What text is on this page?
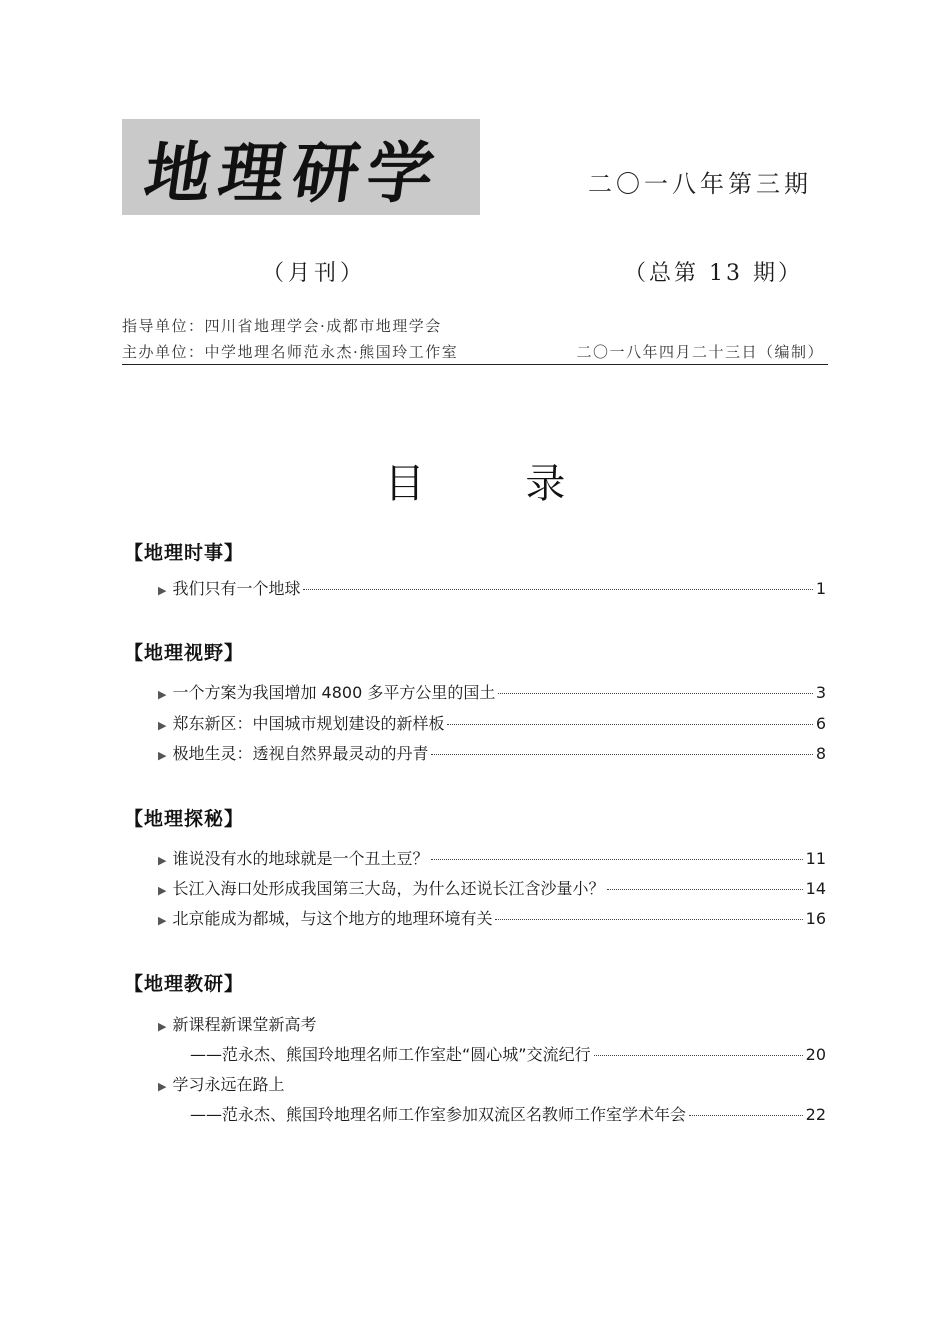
地理研学	二〇一八年第三期
（月刊）	（总第 13 期）
指导单位：四川省地理学会·成都市地理学会
主办单位：中学地理名师范永杰·熊国玲工作室	二〇一八年四月二十三日（编制）
目 录
【地理时事】
▶ 我们只有一个地球	1
【地理视野】
▶ 一个方案为我国增加 4800 多平方公里的国土	3
▶ 郑东新区：中国城市规划建设的新样板	6
▶ 极地生灵：透视自然界最灵动的丹青	8
【地理探秘】
▶ 谁说没有水的地球就是一个丑土豆？	11
▶ 长江入海口处形成我国第三大岛，为什么还说长江含沙量小？	14
▶ 北京能成为都城，与这个地方的地理环境有关	16
【地理教研】
▶ 新课程新课堂新高考
——范永杰、熊国玲地理名师工作室赴“圆心城”交流纪行	20
▶ 学习永远在路上
——范永杰、熊国玲地理名师工作室参加双流区名教师工作室学术年会	22
